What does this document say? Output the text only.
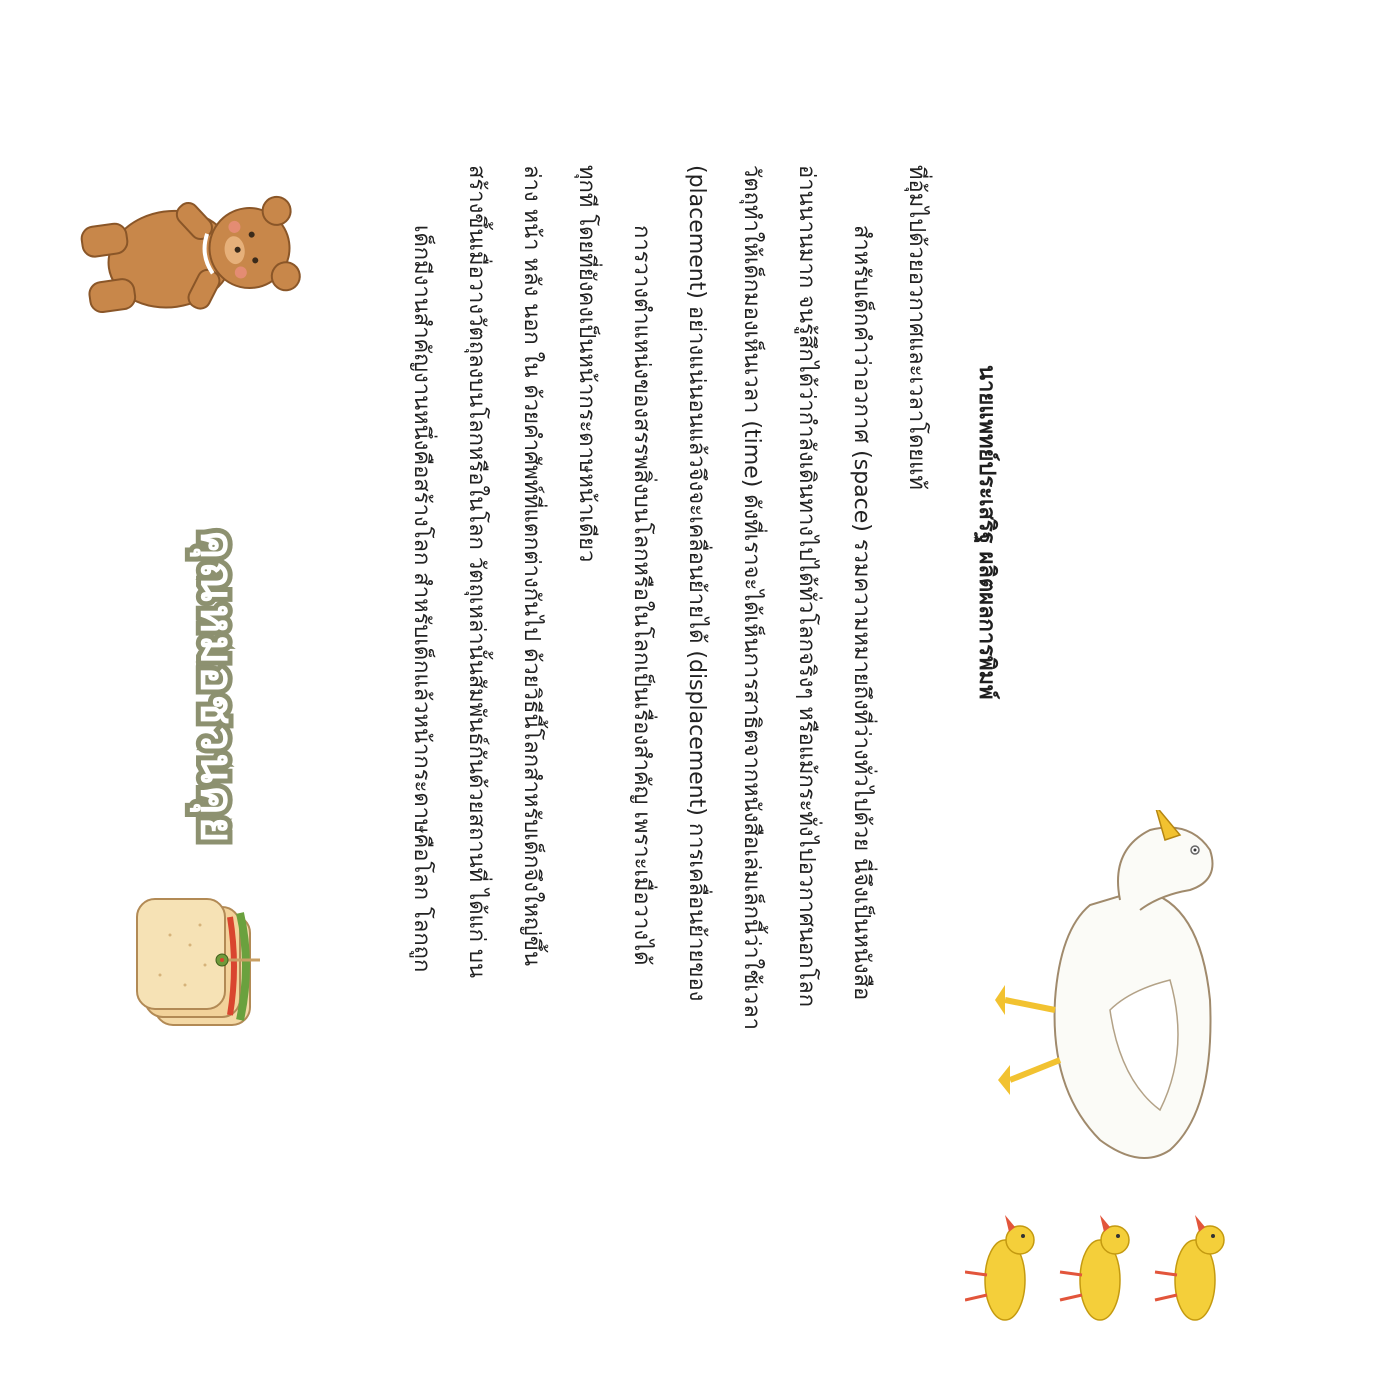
คุณหมอชวนคุย	เด็กมีงานสำคัญงานหนึ่งคือสร้างโลก สำหรับเด็กแล้วหน้ากระดาษคือโลก โลกถูก สร้างขึ้นเมื่อวางวัตถุลงบนโลกหรือในโลก วัตถุเหล่านั้นสัมพันธ์กันด้วยสถานที่ ได้แก่ บน ล่าง หน้า หลัง นอก ใน ด้วยคำศัพท์ที่แตกต่างกันไป ด้วยวิธีนี้โลกสำหรับเด็กจึงใหญ่ขึ้น ทุกที โดยที่ยังคงเป็นหน้ากระดาษหน้าเดียว การวางตำแหน่งของสรรพสิ่งบนโลกหรือในโลกเป็นเรื่องสำคัญ เพราะเมื่อวางได้ (placement) อย่างแน่นอนแล้วจึงจะเคลื่อนย้ายได้ (displacement) การเคลื่อนย้ายของ วัตถุทำให้เด็กมองเห็นเวลา (time) ดังที่เราจะได้เห็นการสาธิตจากหนังสือเล่มเล็กนี้ว่าใช้เวลา อ่านนานมาก จนรู้สึกได้ว่ากำลังเดินทางไปได้ทั่วโลกจริงๆ หรือแม้กระทั่งไปอวกาศนอกโลก สำหรับเด็กคำว่าอวกาศ (space) รวมความหมายถึงที่ว่างทั่วไปด้วย นี่จึงเป็นหนังสือ ที่อุ้มไปด้วยอวกาศและเวลาโดยแท้
นายแพทย์ประเสริฐ ผลิตผลการพิมพ์
